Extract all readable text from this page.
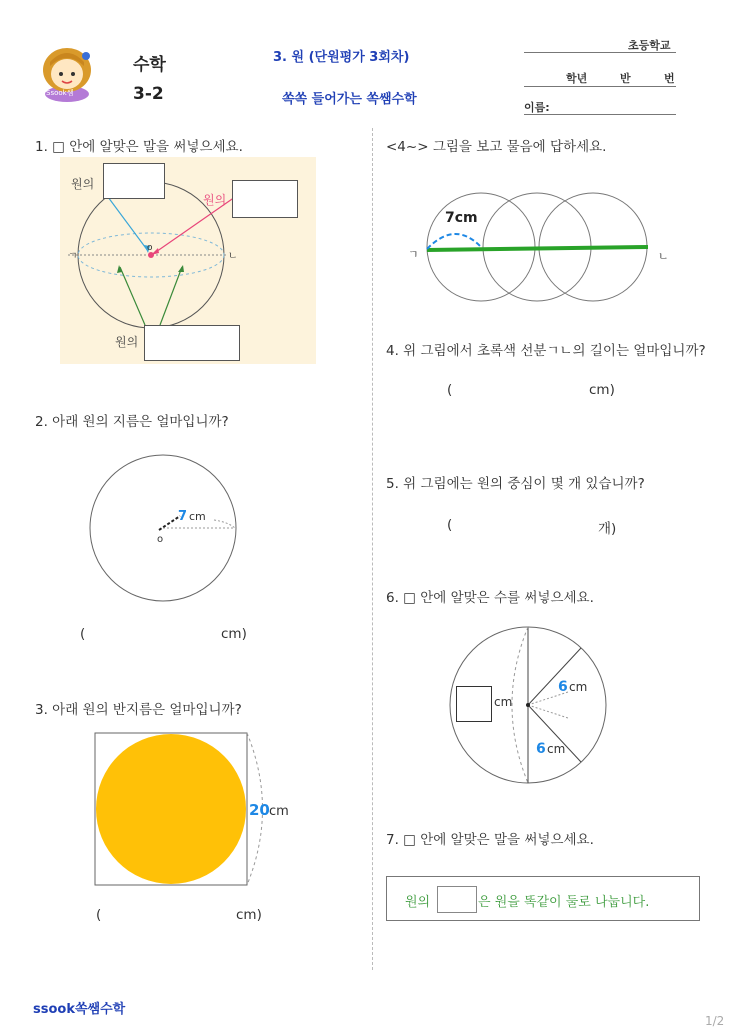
Ssook쌤
수학
3-2
3. 원 (단원평가 3회차)
쏙쏙 들어가는 쏙쌤수학
초등학교
학년	반	번
이름:
1. □ 안에 알맞은 말을 써넣으세요.
o
ㄱ	ㄴ
원의
원의
원의
2. 아래 원의 지름은 얼마입니까?
7 cm
o
(	cm)
3. 아래 원의 반지름은 얼마입니까?
20 cm
(	cm)
<4~> 그림을 보고 물음에 답하세요.
7cm
ㄱ	ㄴ
4. 위 그림에서 초록색 선분ㄱㄴ의 길이는 얼마입니까?
(	cm)
5. 위 그림에는 원의 중심이 몇 개 있습니까?
(	개)
6. □ 안에 알맞은 수를 써넣으세요.
6 cm
6 cm
cm
7. □ 안에 알맞은 말을 써넣으세요.
원의	은 원을 똑같이 둘로 나눕니다.
ssook쏙쌤수학
1/2
